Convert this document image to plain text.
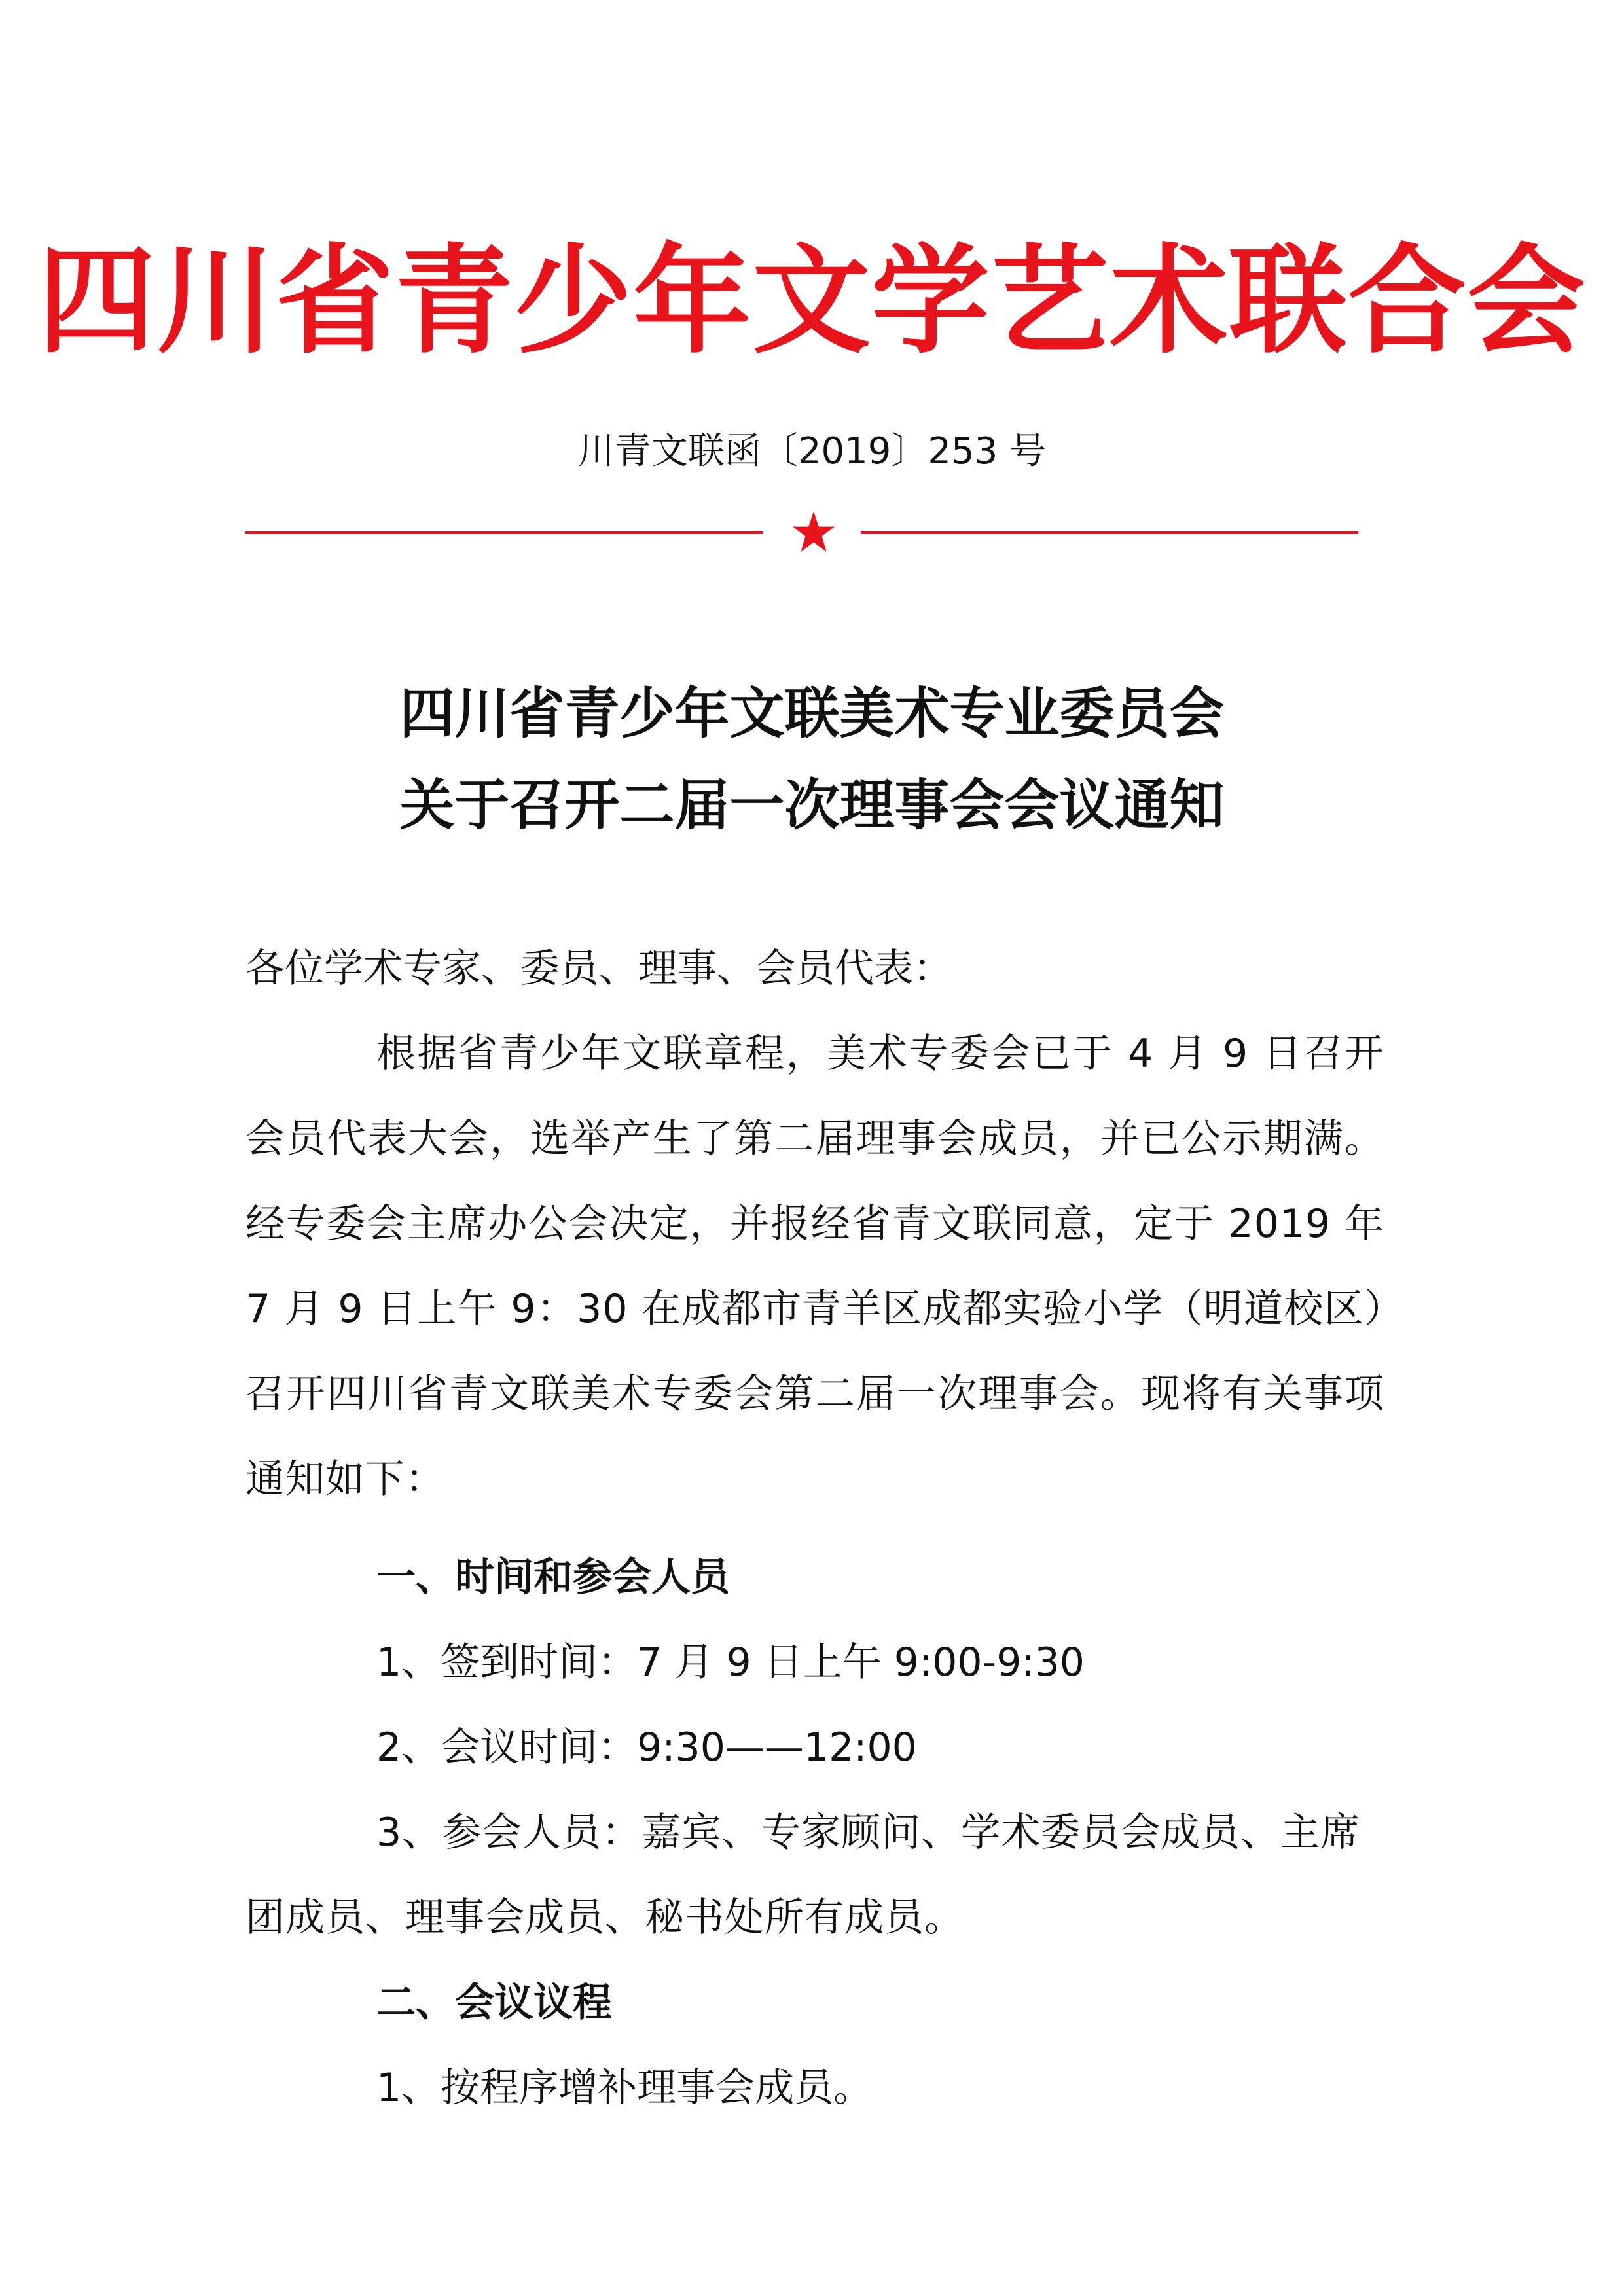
四川省青少年文学艺术联合会
川青文联函〔2019〕253 号
四川省青少年文联美术专业委员会
关于召开二届一次理事会会议通知
各位学术专家、委员、理事、会员代表：
根据省青少年文联章程，美术专委会已于 4 月 9 日召开会员代表大会，选举产生了第二届理事会成员，并已公示期满。经专委会主席办公会决定，并报经省青文联同意，定于 2019 年 7 月 9 日上午 9：30 在成都市青羊区成都实验小学（明道校区）召开四川省青文联美术专委会第二届一次理事会。现将有关事项通知如下：
一、时间和参会人员
1、签到时间：7 月 9 日上午 9:00-9:30
2、会议时间：9:30——12:00
3、参会人员：嘉宾、专家顾问、学术委员会成员、主席团成员、理事会成员、秘书处所有成员。
二、会议议程
1、按程序增补理事会成员。
